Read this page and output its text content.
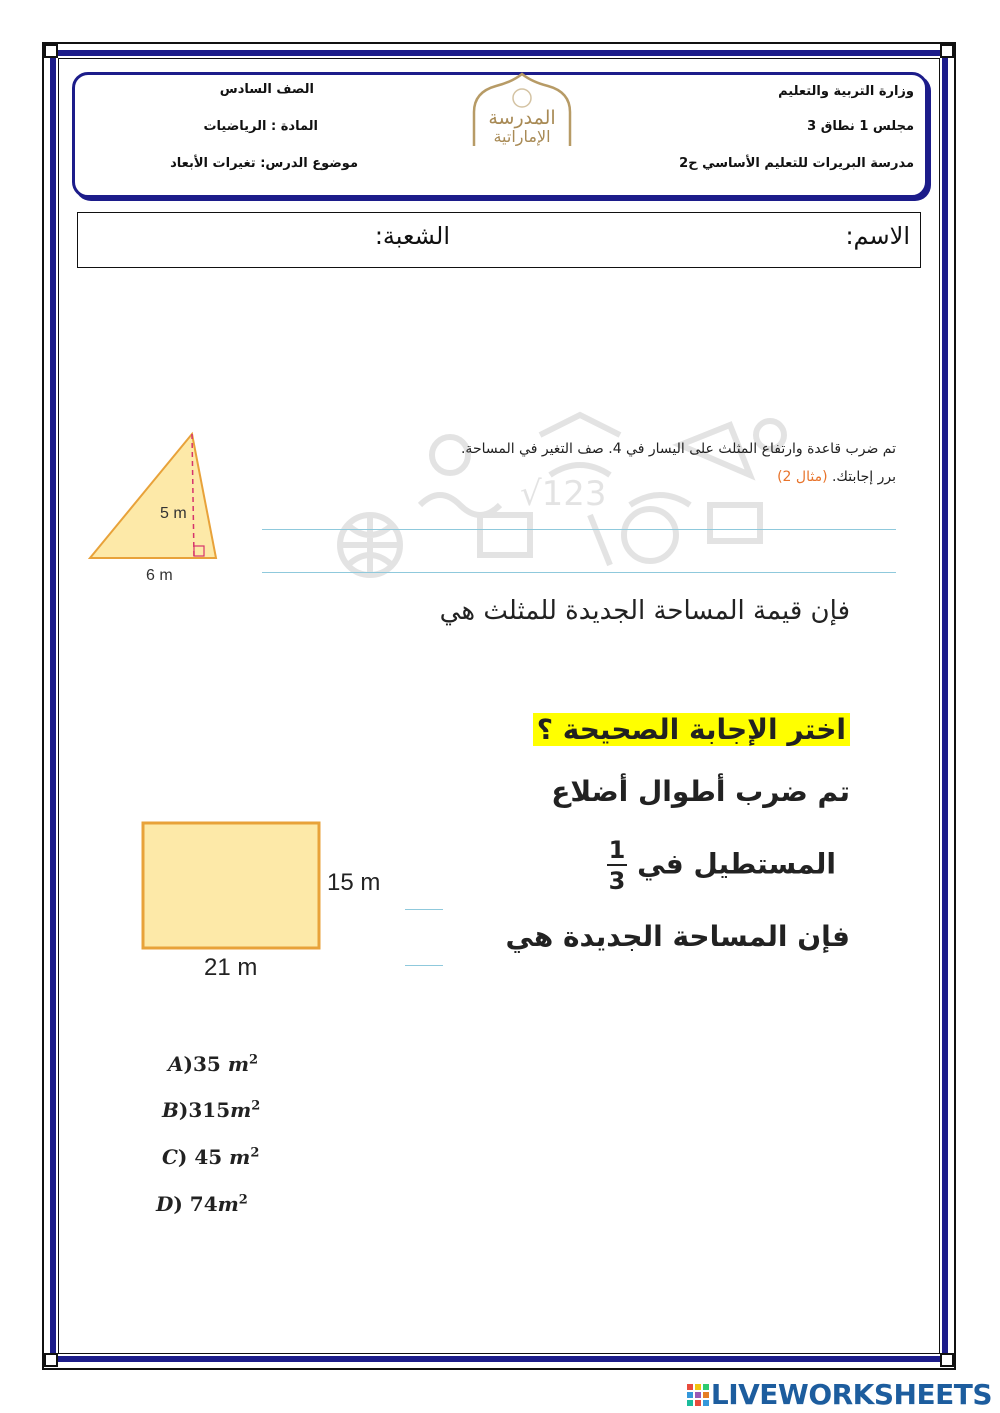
وزارة التربية والتعليم
مجلس 1 نطاق 3
مدرسة البريرات للتعليم الأساسي ح2
الصف السادس
المادة : الرياضيات
موضوع الدرس: تغيرات الأبعاد
المدرسة
الإماراتية
الاسم:
الشعبة:
√123
5 m
6 m
تم ضرب قاعدة وارتفاع المثلث على اليسار في 4. صف التغير في المساحة.
برر إجابتك. (مثال 2)
فإن قيمة المساحة الجديدة للمثلث هي
اختر الإجابة الصحيحة ؟
تم ضرب أطوال أضلاع
المستطيل في
$\frac{1}{3}$
فإن المساحة الجديدة هي
15 m
21 m
A)35 $m^2$
$B)315m^2$
C) 45 $m^2$
D) $74m^2$
LIVEWORKSHEETS
